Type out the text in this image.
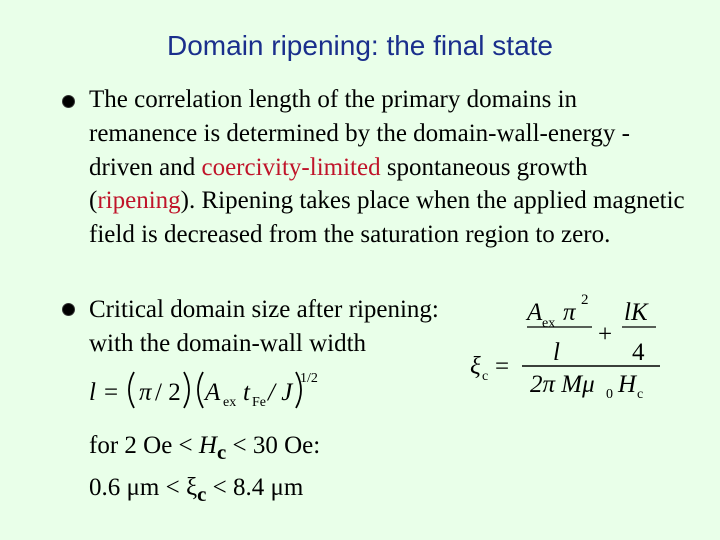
Domain ripening: the final state
The correlation length of the primary domains in remanence is determined by the domain-wall-energy -driven and coercivity-limited spontaneous growth (ripening). Ripening takes place when the applied magnetic field is decreased from the saturation region to zero.
Critical domain size after ripening:
with the domain-wall width
l = π / 2 A ex t Fe / J
1/2	ξ c =
A ex π 2
l
+
lK
4
2π Mμ 0 H c
for 2 $Oe < H_c < 30$ Oe:
0.6 $\mu m < \xi_c < 8.4$ μm
